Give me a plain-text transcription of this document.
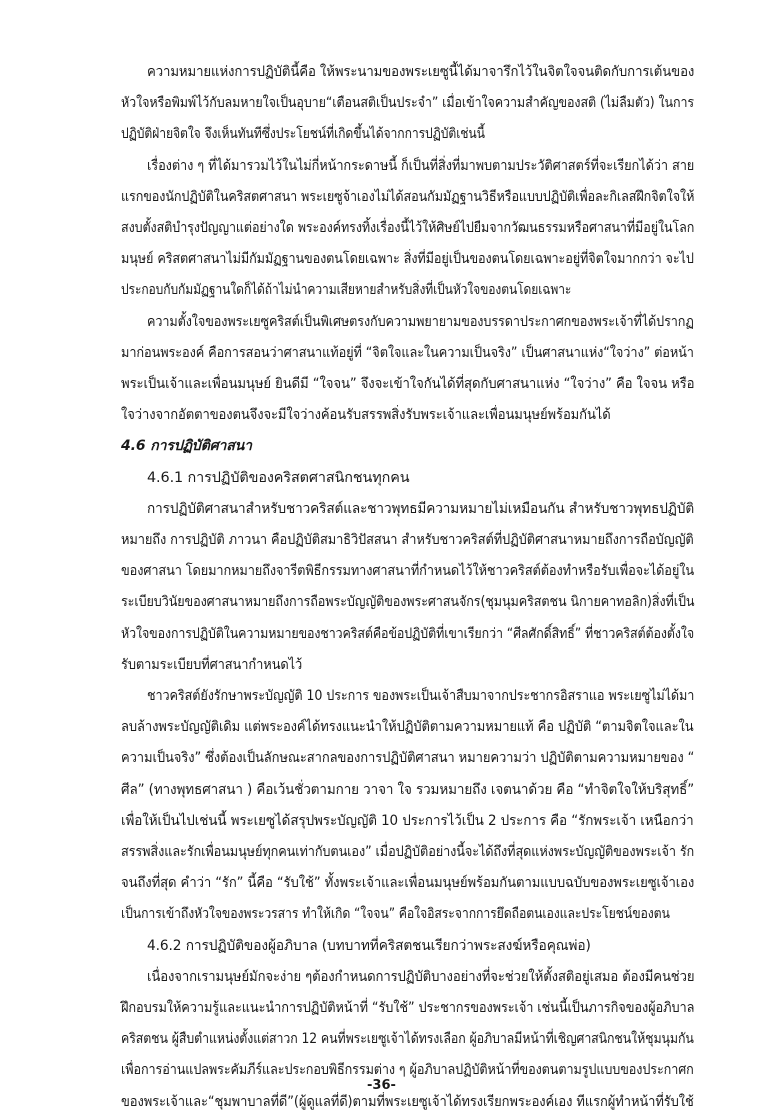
ความหมายแห่งการปฏิบัตินี้คือ ให้พระนามของพระเยซูนี้ได้มาจารึกไว้ในจิตใจจนติดกับการเต้นของ
หัวใจหรือพิมพ์ไว้กับลมหายใจเป็นอุบาย“เตือนสติเป็นประจำ” เมื่อเข้าใจความสำคัญของสติ (ไม่ลืมตัว) ในการ
ปฏิบัติฝ่ายจิตใจ จึงเห็นทันทีซึ่งประโยชน์ที่เกิดขึ้นได้จากการปฏิบัติเช่นนี้
เรื่องต่าง ๆ ที่ได้มารวมไว้ในไม่กี่หน้ากระดาษนี้ ก็เป็นที่สิ่งที่มาพบตามประวัติศาสตร์ที่จะเรียกได้ว่า สาย
แรกของนักปฏิบัติในคริสตศาสนา พระเยซูจ้าเองไม่ได้สอนกัมมัฏฐานวิธีหรือแบบปฏิบัติเพื่อละกิเลสฝึกจิตใจให้
สงบตั้งสติบำรุงปัญญาแต่อย่างใด พระองค์ทรงทิ้งเรื่องนี้ไว้ให้ศิษย์ไปยืมจากวัฒนธรรมหรือศาสนาที่มีอยู่ในโลก
มนุษย์ คริสตศาสนาไม่มีกัมมัฏฐานของตนโดยเฉพาะ สิ่งที่มีอยู่เป็นของตนโดยเฉพาะอยู่ที่จิตใจมากกว่า จะไป
ประกอบกับกัมมัฏฐานใดก็ได้ถ้าไม่นำความเสียหายสำหรับสิ่งที่เป็นหัวใจของตนโดยเฉพาะ
ความตั้งใจของพระเยซูคริสต์เป็นพิเศษตรงกับความพยายามของบรรดาประกาศกของพระเจ้าที่ได้ปรากฏ
มาก่อนพระองค์ คือการสอนว่าศาสนาแท้อยู่ที่ “จิตใจและในความเป็นจริง” เป็นศาสนาแห่ง“ใจว่าง” ต่อหน้า
พระเป็นเจ้าและเพื่อนมนุษย์ ยินดีมี “ใจจน” จึงจะเข้าใจกันได้ที่สุดกับศาสนาแห่ง “ใจว่าง” คือ ใจจน หรือ
ใจว่างจากอัตตาของตนจึงจะมีใจว่างค้อนรับสรรพสิ่งรับพระเจ้าและเพื่อนมนุษย์พร้อมกันได้
4.6 การปฏิบัติศาสนา
4.6.1 การปฏิบัติของคริสตศาสนิกชนทุกคน
การปฏิบัติศาสนาสำหรับชาวคริสต์และชาวพุทธมีความหมายไม่เหมือนกัน สำหรับชาวพุทธปฏิบัติ
หมายถึง การปฏิบัติ ภาวนา คือปฏิบัติสมาธิวิปัสสนา สำหรับชาวคริสต์ที่ปฏิบัติศาสนาหมายถึงการถือบัญญัติ
ของศาสนา โดยมากหมายถึงจารีตพิธีกรรมทางศาสนาที่กำหนดไว้ให้ชาวคริสต์ต้องทำหรือรับเพื่อจะได้อยู่ใน
ระเบียบวินัยของศาสนาหมายถึงการถือพระบัญญัติของพระศาสนจักร(ชุมนุมคริสตชน นิกายคาทอลิก)สิ่งที่เป็น
หัวใจของการปฏิบัติในความหมายของชาวคริสต์คือข้อปฏิบัติที่เขาเรียกว่า “ศีลศักดิ์สิทธิ์” ที่ชาวคริสต์ต้องตั้งใจ
รับตามระเบียบที่ศาสนากำหนดไว้
ชาวคริสต์ยังรักษาพระบัญญัติ 10 ประการ ของพระเป็นเจ้าสืบมาจากประชากรอิสราแอ พระเยซูไม่ได้มา
ลบล้างพระบัญญัติเดิม แต่พระองค์ได้ทรงแนะนำให้ปฏิบัติตามความหมายแท้ คือ ปฏิบัติ “ตามจิตใจและใน
ความเป็นจริง” ซึ่งต้องเป็นลักษณะสากลของการปฏิบัติศาสนา หมายความว่า ปฏิบัติตามความหมายของ “
ศีล” (ทางพุทธศาสนา ) คือเว้นชั่วตามกาย วาจา ใจ รวมหมายถึง เจตนาด้วย คือ “ทำจิตใจให้บริสุทธิ์”
เพื่อให้เป็นไปเช่นนี้ พระเยซูได้สรุปพระบัญญัติ 10 ประการไว้เป็น 2 ประการ คือ “รักพระเจ้า เหนือกว่า
สรรพสิ่งและรักเพื่อนมนุษย์ทุกคนเท่ากับตนเอง” เมื่อปฏิบัติอย่างนี้จะได้ถึงที่สุดแห่งพระบัญญัติของพระเจ้า รัก
จนถึงที่สุด คำว่า “รัก” นี้คือ “รับใช้” ทั้งพระเจ้าและเพื่อนมนุษย์พร้อมกันตามแบบฉบับของพระเยซูเจ้าเอง
เป็นการเข้าถึงหัวใจของพระวรสาร ทำให้เกิด “ใจจน” คือใจอิสระจากการยึดถือตนเองและประโยชน์ของตน
4.6.2 การปฏิบัติของผู้อภิบาล (บทบาทที่คริสตชนเรียกว่าพระสงฆ์หรือคุณพ่อ)
เนื่องจากเรามนุษย์มักจะง่าย ๆต้องกำหนดการปฏิบัติบางอย่างที่จะช่วยให้ตั้งสติอยู่เสมอ ต้องมีคนช่วย
ฝึกอบรมให้ความรู้และแนะนำการปฏิบัติหน้าที่ “รับใช้” ประชากรของพระเจ้า เช่นนี้เป็นภารกิจของผู้อภิบาล
คริสตชน ผู้สืบตำแหน่งตั้งแต่สาวก 12 คนที่พระเยซูเจ้าได้ทรงเลือก ผู้อภิบาลมีหน้าที่เชิญศาสนิกชนให้ชุมนุมกัน
เพื่อการอ่านแปลพระคัมภีร์และประกอบพิธีกรรมต่าง ๆ ผู้อภิบาลปฏิบัติหน้าที่ของตนตามรูปแบบของประกาศก
ของพระเจ้าและ“ชุมพาบาลที่ดี”(ผู้ดูแลที่ดี)ตามที่พระเยซูเจ้าได้ทรงเรียกพระองค์เอง ทีแรกผู้ทำหน้าที่รับใช้
-36-
